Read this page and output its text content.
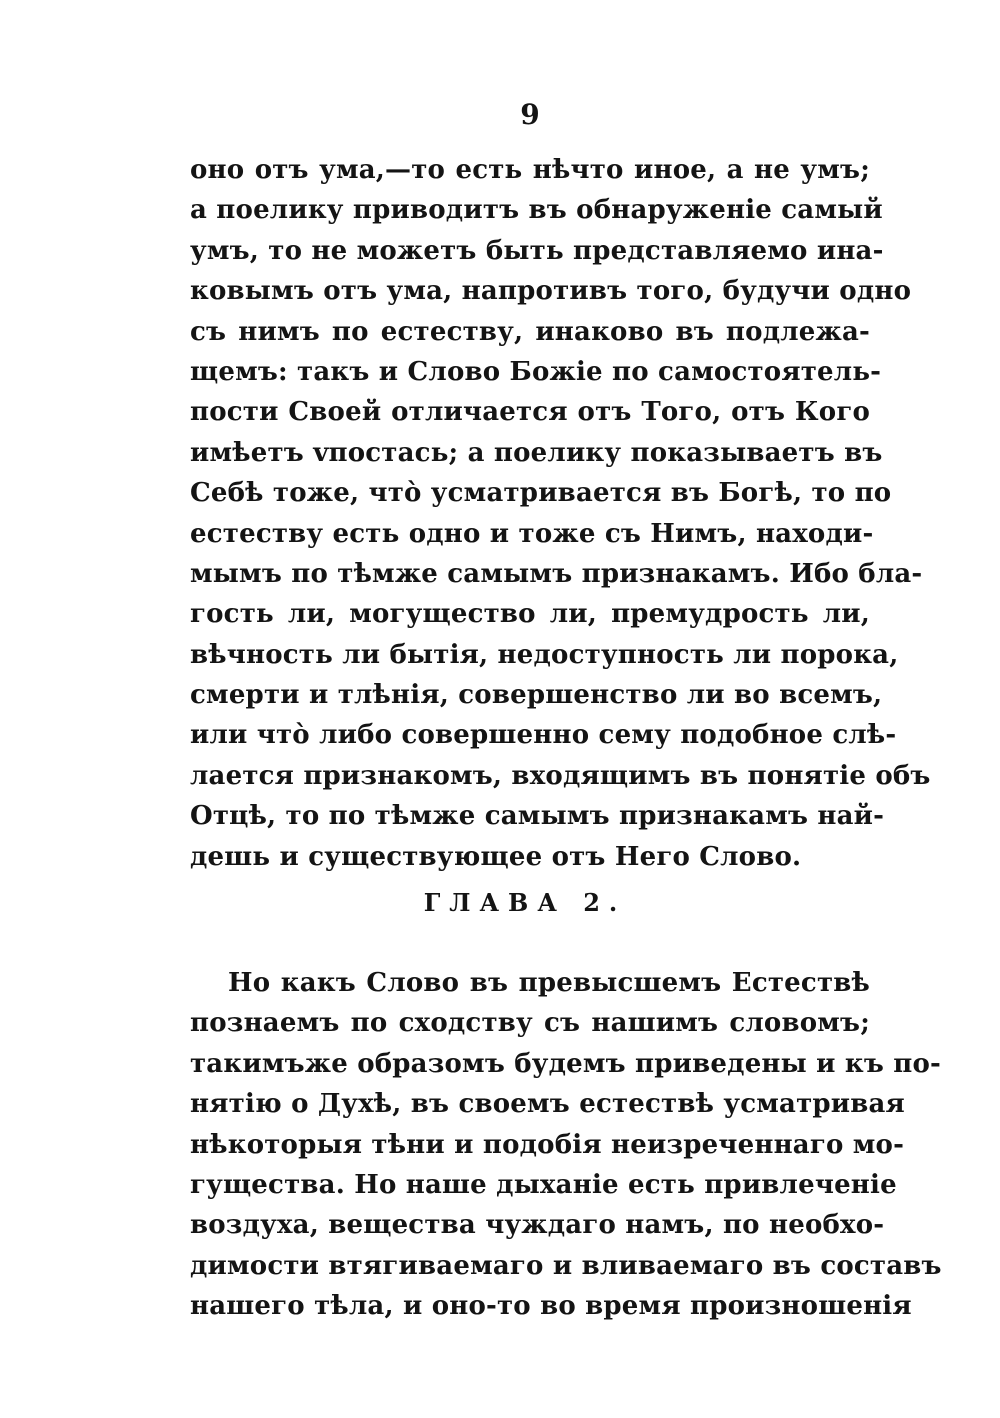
9
оно отъ ума,—то есть нѣчто иное, а не умъ;
а поелику приводитъ въ обнаруженіе самый
умъ, то не можетъ быть представляемо ина-
ковымъ отъ ума, напротивъ того, будучи одно
съ нимъ по естеству, инаково въ подлежа-
щемъ: такъ и Слово Божіе по самостоятель-
пости Своей отличается отъ Того, отъ Кого
имѣетъ vпостась; а поелику показываетъ въ
Себѣ тоже, что̀ усматривается въ Богѣ, то по
естеству есть одно и тоже съ Нимъ, находи-
мымъ по тѣмже самымъ признакамъ. Ибо бла-
гость ли, могущество ли, премудрость ли,
вѣчность ли бытія, недоступность ли порока,
смерти и тлѣнія, совершенство ли во всемъ,
или что̀ либо совершенно сему подобное слѣ-
лается признакомъ, входящимъ въ понятіе объ
Отцѣ, то по тѣмже самымъ признакамъ най-
дешь и существующее отъ Него Слово.
ГЛАВА 2.
Но какъ Слово въ превысшемъ Естествѣ
познаемъ по сходству съ нашимъ словомъ;
такимъже образомъ будемъ приведены и къ по-
нятію о Духѣ, въ своемъ естествѣ усматривая
нѣкоторыя тѣни и подобія неизреченнаго мо-
гущества. Но наше дыханіе есть привлеченіе
воздуха, вещества чуждаго намъ, по необхо-
димости втягиваемаго и вливаемаго въ составъ
нашего тѣла, и оно-то во время произношенія
